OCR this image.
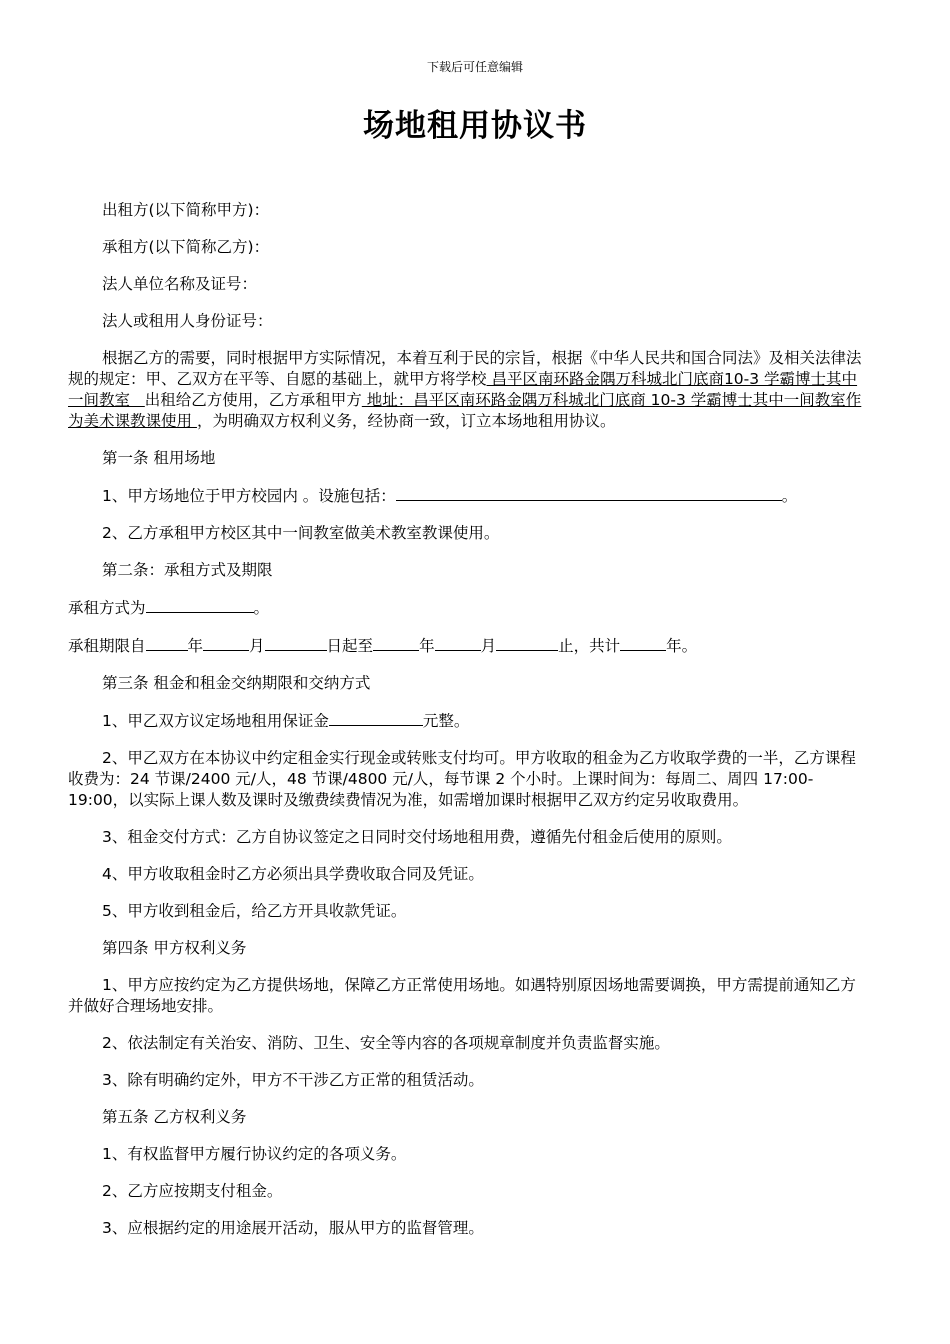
下载后可任意编辑
场地租用协议书

出租方(以下简称甲方)：

承租方(以下简称乙方)：

法人单位名称及证号：

法人或租用人身份证号：

根据乙方的需要，同时根据甲方实际情况，本着互利于民的宗旨，根据《中华人民共和国合同法》及相关法律法规的规定：甲、乙双方在平等、自愿的基础上，就甲方将学校 昌平区南环路金隅万科城北门底商10-3 学霸博士其中一间教室   出租给乙方使用，乙方承租甲方 地址：昌平区南环路金隅万科城北门底商 10-3 学霸博士其中一间教室作为美术课教课使用 ，为明确双方权利义务，经协商一致，订立本场地租用协议。

第一条 租用场地

1、甲方场地位于甲方校园内 。设施包括：	。

2、乙方承租甲方校区其中一间教室做美术教室教课使用。

第二条：承租方式及期限

承租方式为	。

承租期限自	年	月	日起至	年	月	止，共计	年。

第三条 租金和租金交纳期限和交纳方式

1、甲乙双方议定场地租用保证金	元整。

2、甲乙双方在本协议中约定租金实行现金或转账支付均可。甲方收取的租金为乙方收取学费的一半，乙方课程收费为：24 节课/2400 元/人，48 节课/4800 元/人，每节课 2 个小时。上课时间为：每周二、周四 17:00-19:00，以实际上课人数及课时及缴费续费情况为准，如需增加课时根据甲乙双方约定另收取费用。

3、租金交付方式：乙方自协议签定之日同时交付场地租用费，遵循先付租金后使用的原则。

4、甲方收取租金时乙方必须出具学费收取合同及凭证。

5、甲方收到租金后，给乙方开具收款凭证。

第四条 甲方权利义务

1、甲方应按约定为乙方提供场地，保障乙方正常使用场地。如遇特别原因场地需要调换，甲方需提前通知乙方并做好合理场地安排。

2、依法制定有关治安、消防、卫生、安全等内容的各项规章制度并负责监督实施。

3、除有明确约定外，甲方不干涉乙方正常的租赁活动。

第五条 乙方权利义务

1、有权监督甲方履行协议约定的各项义务。

2、乙方应按期支付租金。

3、应根据约定的用途展开活动，服从甲方的监督管理。
